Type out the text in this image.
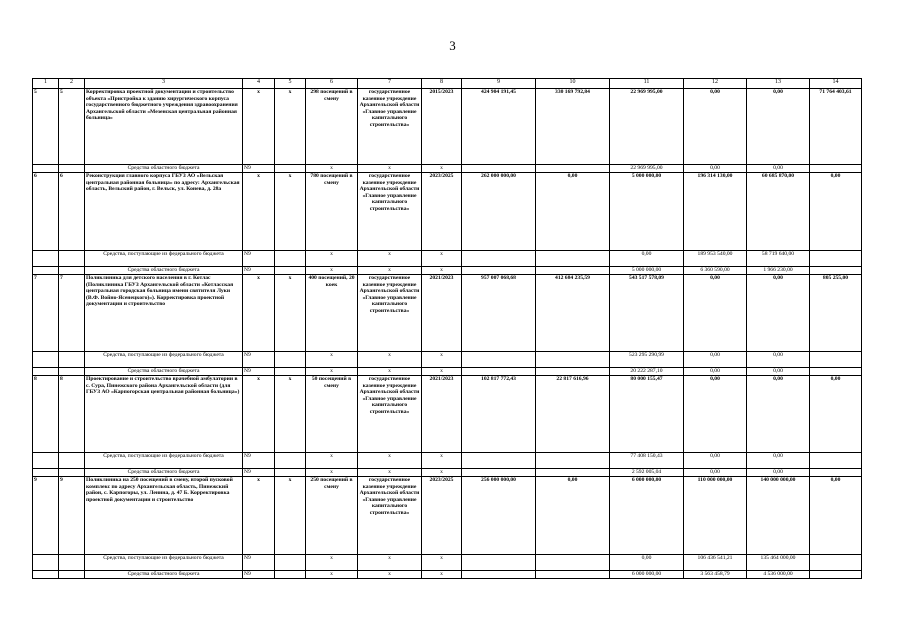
3
1	2	3	4	5	6	7	8	9	10	11	12	13	14
5	5	Корректировка проектной документации и строительство объекта «Пристройка к зданию хирургического корпуса государственного бюджетного учреждения здравоохранения Архангельской области «Мезенская центральная районная больница»	x	x	298 посещений в смену	государственное казенное учреждение Архангельской области «Главное управление капитального строительства»	2015/2023	424 904 191,45	330 169 792,84	22 969 995,00	0,00	0,00	71 764 403,61
		Средства областного бюджета	N9		x	x	x			22 969 995,00	0,00	0,00	
6	6	Реконструкция главного корпуса ГБУЗ АО «Вельская центральная районная больница» по адресу: Архангельская область, Вельский район, г. Вельск, ул. Конева, д. 28а	x	x	780 посещений в смену	государственное казенное учреждение Архангельской области «Главное управление капитального строительства»	2023/2025	262 000 000,00	0,00	5 000 000,00	196 314 130,00	60 685 870,00	0,00
		Средства, поступающие из федерального бюджета	N9		x	x	x			0,00	189 953 540,00	58 719 640,00	
		Средства областного бюджета	N9		x	x	x			5 000 000,00	6 360 590,00	1 966 230,00	
7	7	Поликлиника для детского населения в г. Котлас (Поликлиника ГБУЗ Архангельской области «Котласская центральная городская больница имени святителя Луки (В.Ф. Войно-Ясенецкого)»). Корректировка проектной документации и строительство	x	x	400 посещений, 20 коек	государственное казенное учреждение Архангельской области «Главное управление капитального строительства»	2021/2023	957 007 068,68	412 684 235,59	543 517 578,09	0,00	0,00	805 255,00
		Средства, поступающие из федерального бюджета	N9		x	x	x			523 295 290,99	0,00	0,00	
		Средства областного бюджета	N9		x	x	x			20 222 287,10	0,00	0,00	
8	8	Проектирование и строительство врачебной амбулатории в с. Сура, Пинежского района Архангельской области (для ГБУЗ АО «Карпогорская центральная районная больница»)	x	x	50 посещений в смену	государственное казенное учреждение Архангельской области «Главное управление капитального строительства»	2021/2023	102 817 772,43	22 817 616,96	80 000 155,47	0,00	0,00	0,00
		Средства, поступающие из федерального бюджета	N9		x	x	x			77 408 150,43	0,00	0,00	
		Средства областного бюджета	N9		x	x	x			2 592 005,04	0,00	0,00	
9	9	Поликлиника на 250 посещений в смену, второй пусковой комплекс по адресу Архангельская область, Пинежский район, с. Карпогоры, ул. Ленина, д. 47 Б. Корректировка проектной документации и строительство	x	x	250 посещений в смену	государственное казенное учреждение Архангельской области «Главное управление капитального строительства»	2023/2025	256 000 000,00	0,00	6 000 000,00	110 000 000,00	140 000 000,00	0,00
		Средства, поступающие из федерального бюджета	N9		x	x	x			0,00	106 436 541,21	135 464 000,00	
		Средства областного бюджета	N9		x	x	x			6 000 000,00	3 563 458,79	4 536 000,00	
